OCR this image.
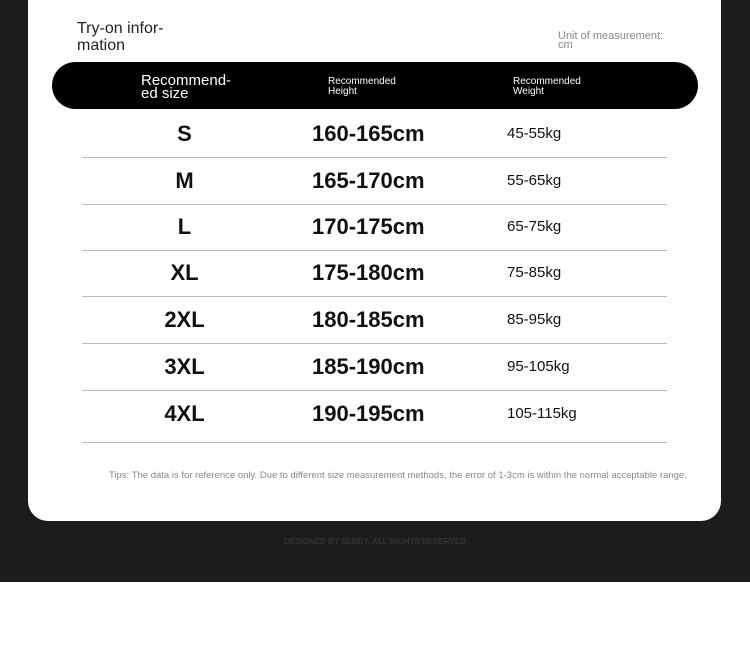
Try-on infor-mation
Unit of measurement: cm
Recommend-ed size
Recommended Height
Recommended Weight
S	160-165cm	45-55kg
M	165-170cm	55-65kg
L	170-175cm	65-75kg
XL	175-180cm	75-85kg
2XL	180-185cm	85-95kg
3XL	185-190cm	95-105kg
4XL	190-195cm	105-115kg
Tips: The data is for reference only. Due to different size measurement methods, the error of 1-3cm is within the normal acceptable range.
DESIGNED BY SENDY. ALL RIGHTS RESERVED
